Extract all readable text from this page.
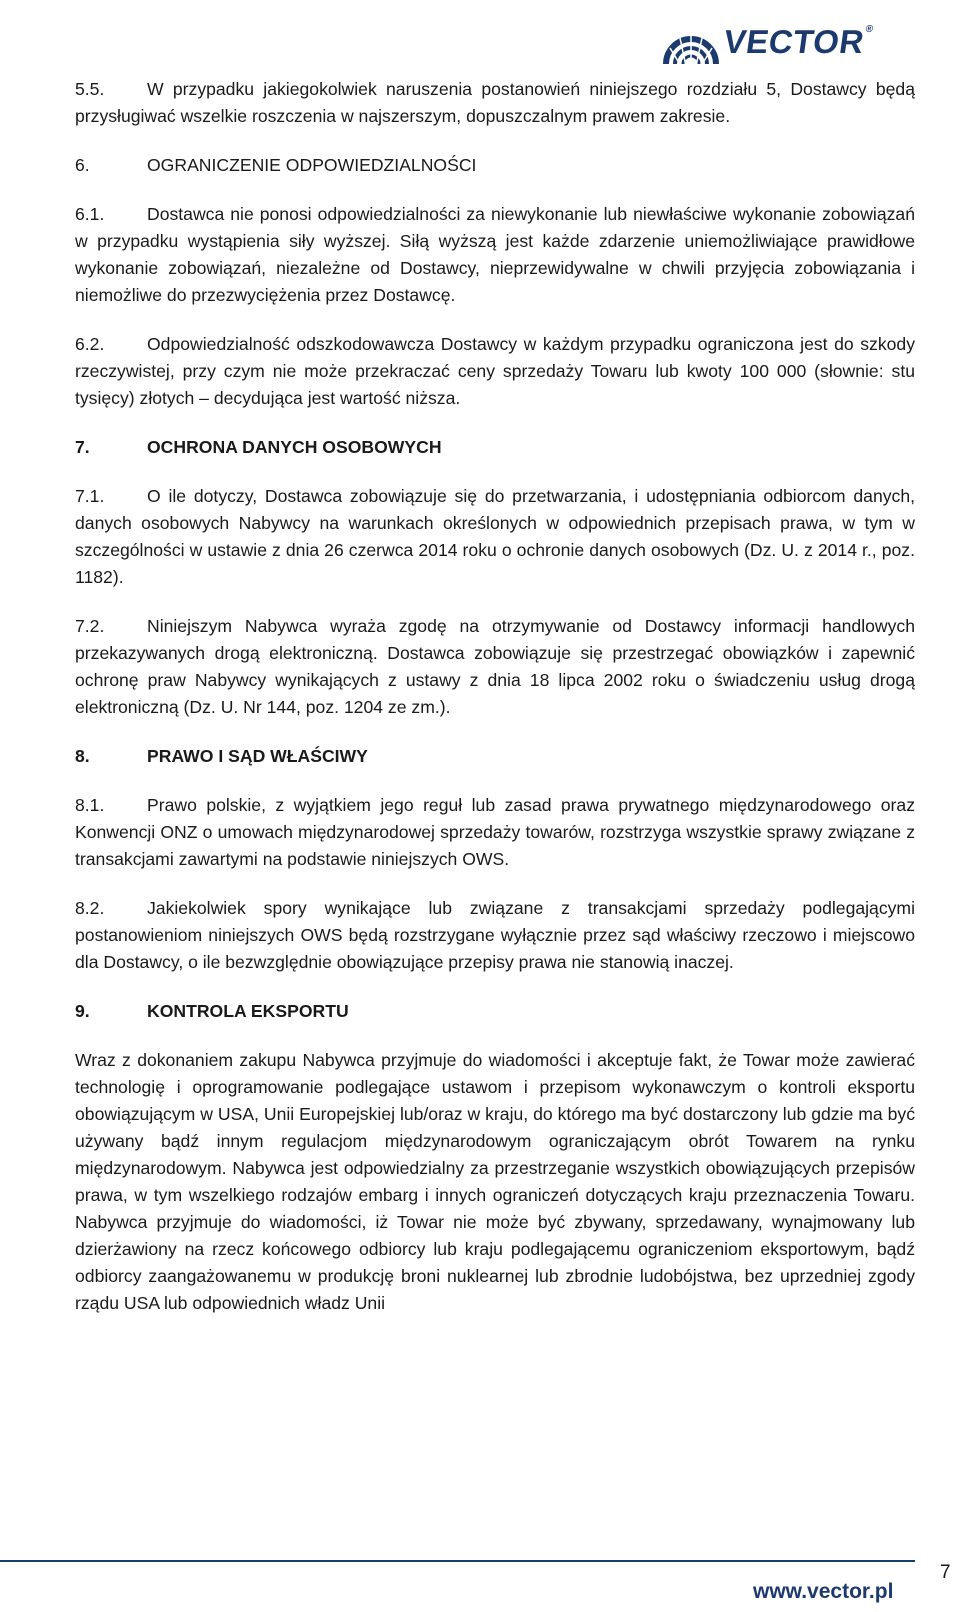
VECTOR®

5.5. W przypadku jakiegokolwiek naruszenia postanowień niniejszego rozdziału 5, Dostawcy będą przysługiwać wszelkie roszczenia w najszerszym, dopuszczalnym prawem zakresie.

6.	OGRANICZENIE ODPOWIEDZIALNOŚCI

6.1. Dostawca nie ponosi odpowiedzialności za niewykonanie lub niewłaściwe wykonanie zobowiązań w przypadku wystąpienia siły wyższej. Siłą wyższą jest każde zdarzenie uniemożliwiające prawidłowe wykonanie zobowiązań, niezależne od Dostawcy, nieprzewidywalne w chwili przyjęcia zobowiązania i niemożliwe do przezwyciężenia przez Dostawcę.

6.2. Odpowiedzialność odszkodowawcza Dostawcy w każdym przypadku ograniczona jest do szkody rzeczywistej, przy czym nie może przekraczać ceny sprzedaży Towaru lub kwoty 100 000 (słownie: stu tysięcy) złotych – decydująca jest wartość niższa.

7.	OCHRONA DANYCH OSOBOWYCH

7.1. O ile dotyczy, Dostawca zobowiązuje się do przetwarzania, i udostępniania odbiorcom danych, danych osobowych Nabywcy na warunkach określonych w odpowiednich przepisach prawa, w tym w szczególności w ustawie z dnia 26 czerwca 2014 roku o ochronie danych osobowych (Dz. U. z 2014 r., poz. 1182).

7.2. Niniejszym Nabywca wyraża zgodę na otrzymywanie od Dostawcy informacji handlowych przekazywanych drogą elektroniczną. Dostawca zobowiązuje się przestrzegać obowiązków i zapewnić ochronę praw Nabywcy wynikających z ustawy z dnia 18 lipca 2002 roku o świadczeniu usług drogą elektroniczną (Dz. U. Nr 144, poz. 1204 ze zm.).

8.	PRAWO I SĄD WŁAŚCIWY

8.1. Prawo polskie, z wyjątkiem jego reguł lub zasad prawa prywatnego międzynarodowego oraz Konwencji ONZ o umowach międzynarodowej sprzedaży towarów, rozstrzyga wszystkie sprawy związane z transakcjami zawartymi na podstawie niniejszych OWS.

8.2. Jakiekolwiek spory wynikające lub związane z transakcjami sprzedaży podlegającymi postanowieniom niniejszych OWS będą rozstrzygane wyłącznie przez sąd właściwy rzeczowo i miejscowo dla Dostawcy, o ile bezwzględnie obowiązujące przepisy prawa nie stanowią inaczej.

9.	KONTROLA EKSPORTU

Wraz z dokonaniem zakupu Nabywca przyjmuje do wiadomości i akceptuje fakt, że Towar może zawierać technologię i oprogramowanie podlegające ustawom i przepisom wykonawczym o kontroli eksportu obowiązującym w USA, Unii Europejskiej lub/oraz w kraju, do którego ma być dostarczony lub gdzie ma być używany bądź innym regulacjom międzynarodowym ograniczającym obrót Towarem na rynku międzynarodowym. Nabywca jest odpowiedzialny za przestrzeganie wszystkich obowiązujących przepisów prawa, w tym wszelkiego rodzajów embarg i innych ograniczeń dotyczących kraju przeznaczenia Towaru. Nabywca przyjmuje do wiadomości, iż Towar nie może być zbywany, sprzedawany, wynajmowany lub dzierżawiony na rzecz końcowego odbiorcy lub kraju podlegającemu ograniczeniom eksportowym, bądź odbiorcy zaangażowanemu w produkcję broni nuklearnej lub zbrodnie ludobójstwa, bez uprzedniej zgody rządu USA lub odpowiednich władz Unii

7
www.vector.pl
